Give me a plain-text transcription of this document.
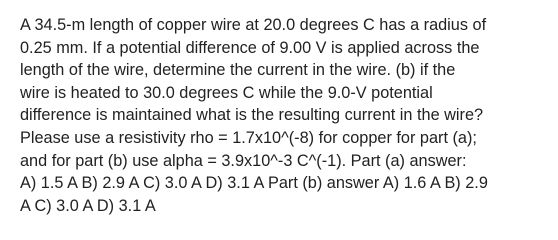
A 34.5-m length of copper wire at 20.0 degrees C has a radius of
0.25 mm. If a potential difference of 9.00 V is applied across the
length of the wire, determine the current in the wire. (b) if the
wire is heated to 30.0 degrees C while the 9.0-V potential
difference is maintained what is the resulting current in the wire?
Please use a resistivity rho = 1.7x10^(-8) for copper for part (a);
and for part (b) use alpha = 3.9x10^-3 C^(-1). Part (a) answer:
A) 1.5 A B) 2.9 A C) 3.0 A D) 3.1 A Part (b) answer A) 1.6 A B) 2.9
A C) 3.0 A D) 3.1 A
